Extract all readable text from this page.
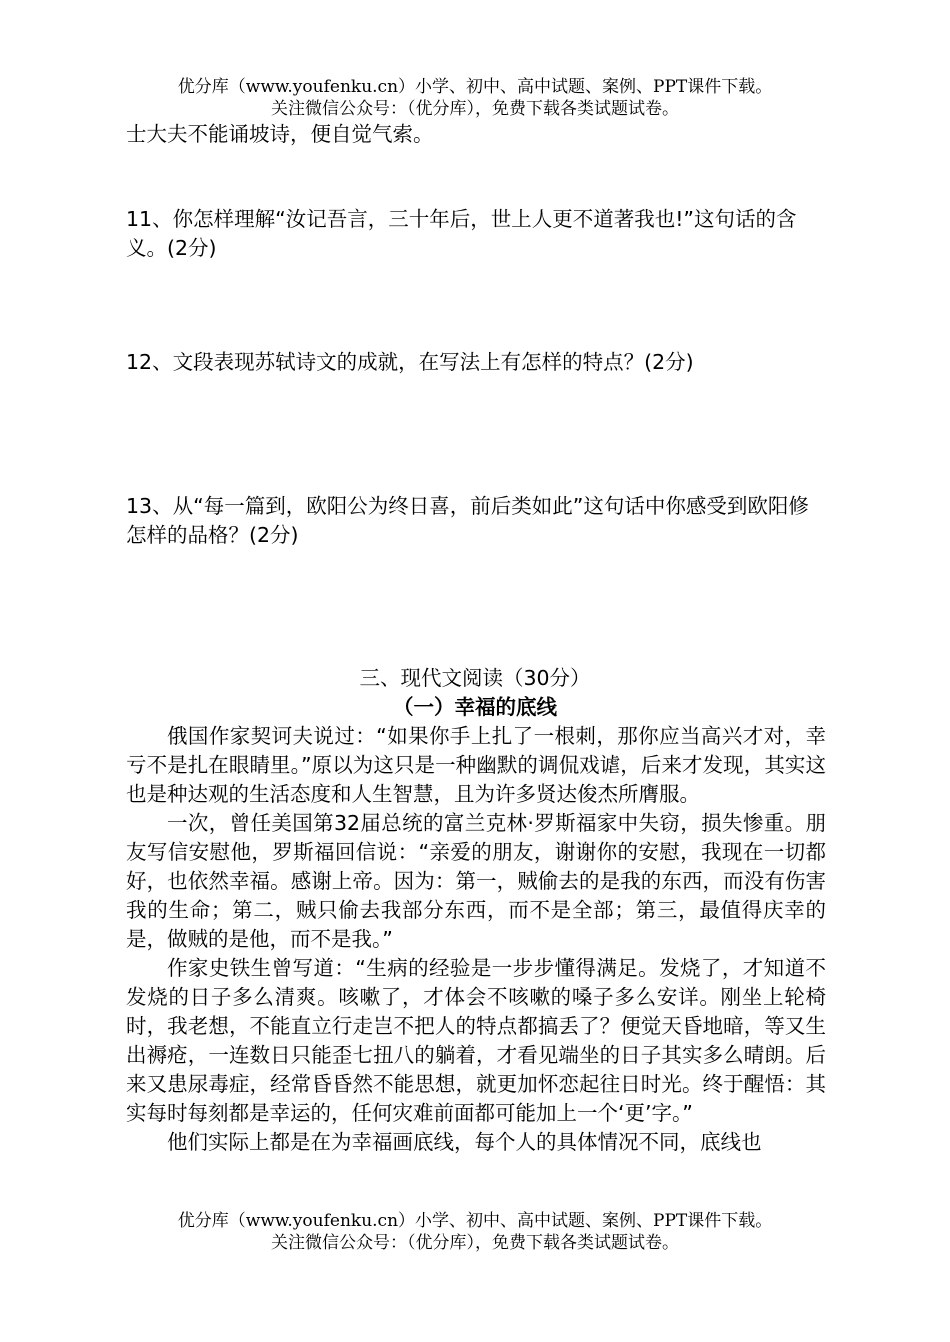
优分库（www.youfenku.cn）小学、初中、高中试题、案例、PPT课件下载。
关注微信公众号：（优分库），免费下载各类试题试卷。
士大夫不能诵坡诗，便自觉气索。
11、你怎样理解“汝记吾言，三十年后，世上人更不道著我也!”这句话的含义。(2分)
12、文段表现苏轼诗文的成就，在写法上有怎样的特点？(2分)
13、从“每一篇到，欧阳公为终日喜，前后类如此”这句话中你感受到欧阳修怎样的品格？(2分)
三、现代文阅读（30分）
（一）幸福的底线

俄国作家契诃夫说过：“如果你手上扎了一根刺，那你应当高兴才对，幸亏不是扎在眼睛里。”原以为这只是一种幽默的调侃戏谑，后来才发现，其实这也是种达观的生活态度和人生智慧，且为许多贤达俊杰所膺服。

一次，曾任美国第32届总统的富兰克林·罗斯福家中失窃，损失惨重。朋友写信安慰他，罗斯福回信说：“亲爱的朋友，谢谢你的安慰，我现在一切都好，也依然幸福。感谢上帝。因为：第一，贼偷去的是我的东西，而没有伤害我的生命；第二，贼只偷去我部分东西，而不是全部；第三，最值得庆幸的是，做贼的是他，而不是我。”

作家史铁生曾写道：“生病的经验是一步步懂得满足。发烧了，才知道不发烧的日子多么清爽。咳嗽了，才体会不咳嗽的嗓子多么安详。刚坐上轮椅时，我老想，不能直立行走岂不把人的特点都搞丢了？便觉天昏地暗，等又生出褥疮，一连数日只能歪七扭八的躺着，才看见端坐的日子其实多么晴朗。后来又患尿毒症，经常昏昏然不能思想，就更加怀恋起往日时光。终于醒悟：其实每时每刻都是幸运的，任何灾难前面都可能加上一个‘更’字。”

他们实际上都是在为幸福画底线，每个人的具体情况不同，底线也

优分库（www.youfenku.cn）小学、初中、高中试题、案例、PPT课件下载。
关注微信公众号：（优分库），免费下载各类试题试卷。
